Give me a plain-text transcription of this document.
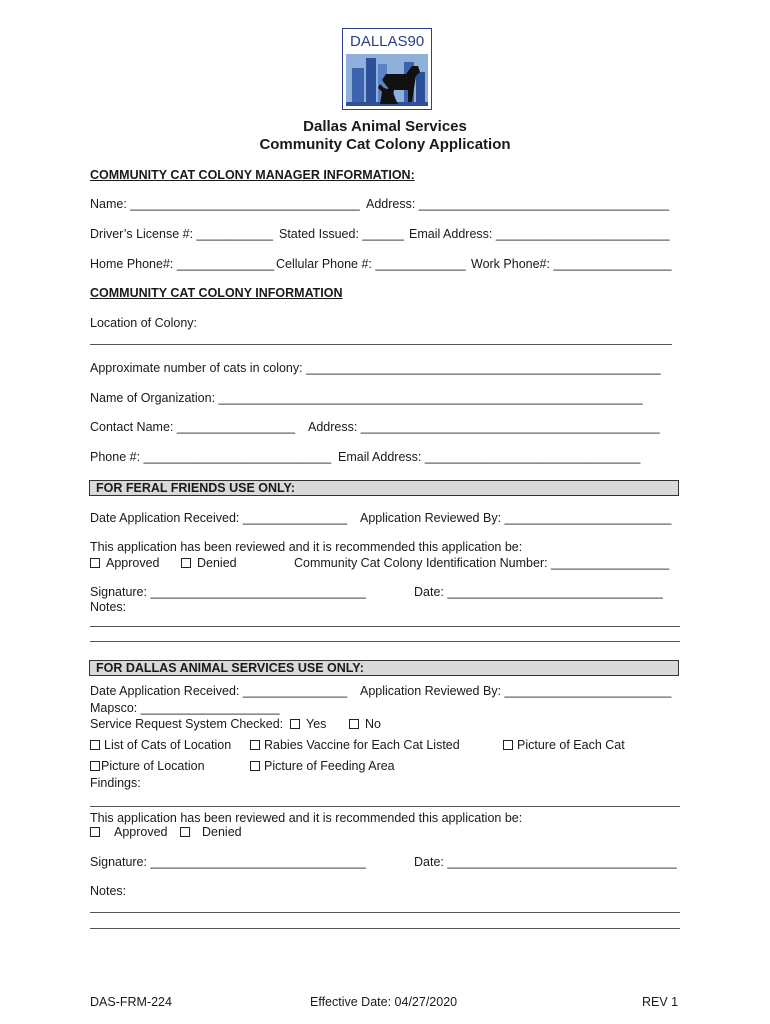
DALLAS90
Dallas Animal Services
Community Cat Colony Application
COMMUNITY CAT COLONY MANAGER INFORMATION:
Name: _________________________________ Address: ____________________________________
Driver’s License #: ___________ Stated Issued: ______ Email Address: _________________________
Home Phone#: ______________ Cellular Phone #: _____________ Work Phone#: _________________
COMMUNITY CAT COLONY INFORMATION
Location of Colony:
Approximate number of cats in colony: ___________________________________________________
Name of Organization: _____________________________________________________________
Contact Name: _________________ Address: ___________________________________________
Phone #: ___________________________ Email Address: _______________________________
FOR FERAL FRIENDS USE ONLY:
Date Application Received: _______________ Application Reviewed By: ________________________
This application has been reviewed and it is recommended this application be:
Approved	Denied	Community Cat Colony Identification Number: _________________
Signature: _______________________________	Date: _______________________________
Notes:
FOR DALLAS ANIMAL SERVICES USE ONLY:
Date Application Received: _______________ Application Reviewed By: ________________________
Mapsco: ____________________
Service Request System Checked:	Yes	No
List of Cats of Location	Rabies Vaccine for Each Cat Listed	Picture of Each Cat
Picture of Location	Picture of Feeding Area
Findings:
This application has been reviewed and it is recommended this application be:
Approved	Denied
Signature: _______________________________	Date: _________________________________
Notes:
DAS-FRM-224	Effective Date: 04/27/2020	REV 1
